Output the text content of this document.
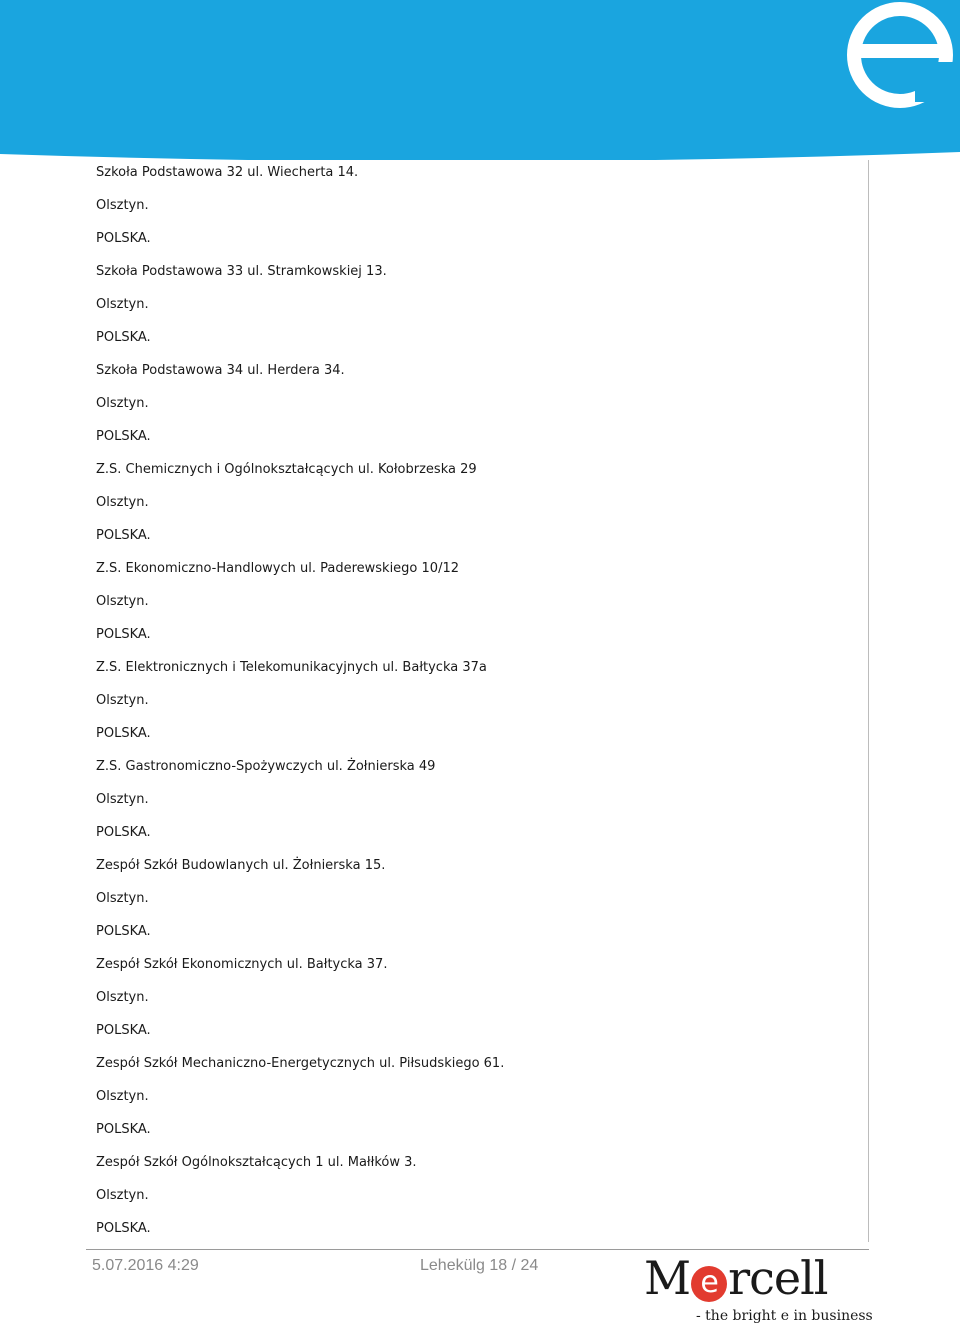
Szkoła Podstawowa 32 ul. Wiecherta 14.
Olsztyn.
POLSKA.
Szkoła Podstawowa 33 ul. Stramkowskiej 13.
Olsztyn.
POLSKA.
Szkoła Podstawowa 34 ul. Herdera 34.
Olsztyn.
POLSKA.
Z.S. Chemicznych i Ogólnokształcących ul. Kołobrzeska 29
Olsztyn.
POLSKA.
Z.S. Ekonomiczno-Handlowych ul. Paderewskiego 10/12
Olsztyn.
POLSKA.
Z.S. Elektronicznych i Telekomunikacyjnych ul. Bałtycka 37a
Olsztyn.
POLSKA.
Z.S. Gastronomiczno-Spożywczych ul. Żołnierska 49
Olsztyn.
POLSKA.
Zespół Szkół Budowlanych ul. Żołnierska 15.
Olsztyn.
POLSKA.
Zespół Szkół Ekonomicznych ul. Bałtycka 37.
Olsztyn.
POLSKA.
Zespół Szkół Mechaniczno-Energetycznych ul. Piłsudskiego 61.
Olsztyn.
POLSKA.
Zespół Szkół Ogólnokształcących 1 ul. Małłków 3.
Olsztyn.
POLSKA.
5.07.2016 4:29	Lehekülg 18 / 24 M e rcell
- the bright e in business
